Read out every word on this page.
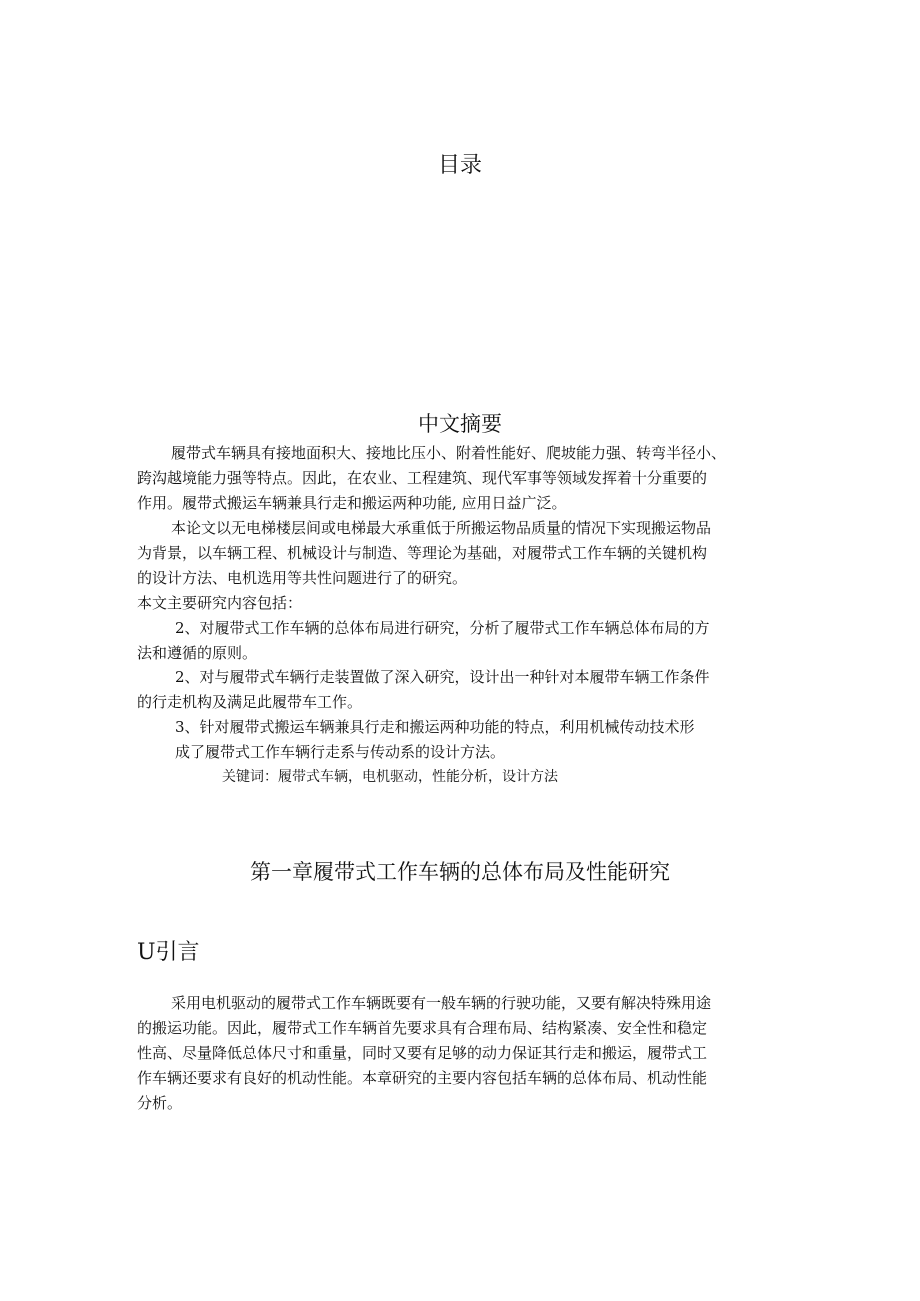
目录
中文摘要
履带式车辆具有接地面积大、接地比压小、附着性能好、爬坡能力强、转弯半径小、
跨沟越境能力强等特点。因此，在农业、工程建筑、现代军事等领域发挥着十分重要的
作用。履带式搬运车辆兼具行走和搬运两种功能, 应用日益广泛。
本论文以无电梯楼层间或电梯最大承重低于所搬运物品质量的情况下实现搬运物品
为背景，以车辆工程、机械设计与制造、等理论为基础，对履带式工作车辆的关键机构
的设计方法、电机选用等共性问题进行了的研究。
本文主要研究内容包括：
2、对履带式工作车辆的总体布局进行研究，分析了履带式工作车辆总体布局的方
法和遵循的原则。
2、对与履带式车辆行走装置做了深入研究，设计出一种针对本履带车辆工作条件
的行走机构及满足此履带车工作。
3、针对履带式搬运车辆兼具行走和搬运两种功能的特点，利用机械传动技术形
成了履带式工作车辆行走系与传动系的设计方法。
关键词：履带式车辆，电机驱动，性能分析，设计方法
第一章履带式工作车辆的总体布局及性能研究
U引言
采用电机驱动的履带式工作车辆既要有一般车辆的行驶功能，又要有解决特殊用途
的搬运功能。因此，履带式工作车辆首先要求具有合理布局、结构紧凑、安全性和稳定
性高、尽量降低总体尺寸和重量，同时又要有足够的动力保证其行走和搬运，履带式工
作车辆还要求有良好的机动性能。本章研究的主要内容包括车辆的总体布局、机动性能
分析。
